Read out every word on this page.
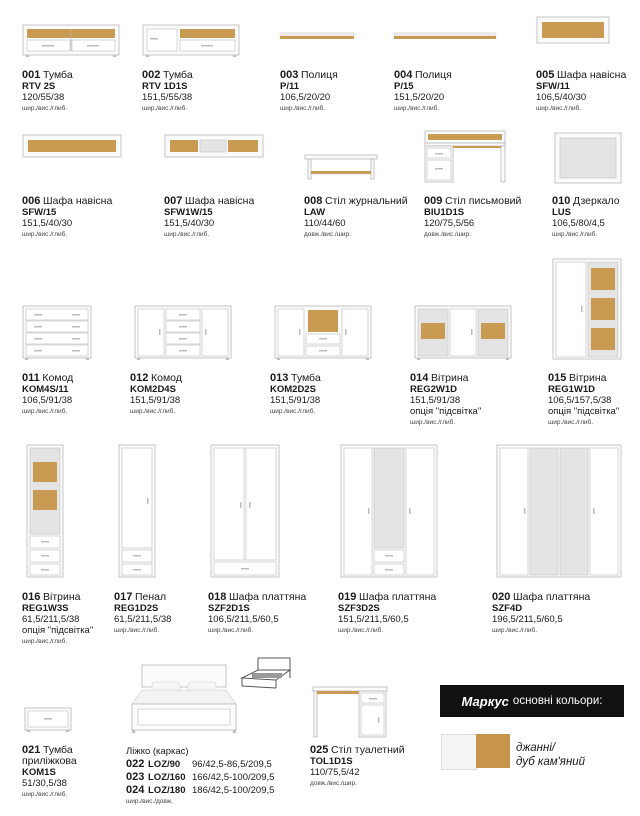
001 Тумба
RTV 2S
120/55/38
шир./вис./глиб.
002 Тумба
RTV 1D1S
151,5/55/38
шир./вис./глиб.
003 Полиця
P/11
106,5/20/20
шир./вис./глиб.
004 Полиця
P/15
151,5/20/20
шир./вис./глиб.
005 Шафа навісна
SFW/11
106,5/40/30
шир./вис./глиб.
006 Шафа навісна
SFW/15
151,5/40/30
шир./вис./глиб.
007 Шафа навісна
SFW1W/15
151,5/40/30
шир./вис./глиб.
008 Стіл журнальний
LAW
110/44/60
довж./вис./шир.
009 Стіл письмовий
BIU1D1S
120/75,5/56
довж./вис./шир.
010 Дзеркало
LUS
106,5/80/4,5
шир./вис./глиб.
011 Комод
KOM4S/11
106,5/91/38
шир./вис./глиб.
012 Комод
KOM2D4S
151,5/91/38
шир./вис./глиб.
013 Тумба
KOM2D2S
151,5/91/38
шир./вис./глиб.
014 Вітрина
REG2W1D
151,5/91/38
опція "підсвітка"
шир./вис./глиб.
015 Вітрина
REG1W1D
106,5/157,5/38
опція "підсвітка"
шир./вис./глиб.
016 Вітрина
REG1W3S
61,5/211,5/38
опція "підсвітка"
шир./вис./глиб.
017 Пенал
REG1D2S
61,5/211,5/38
шир./вис./глиб.
018 Шафа платтяна
SZF2D1S
106,5/211,5/60,5
шир./вис./глиб.
019 Шафа платтяна
SZF3D2S
151,5/211,5/60,5
шир./вис./глиб.
020 Шафа платтяна
SZF4D
196,5/211,5/60,5
шир./вис./глиб.
021 Тумба приліжкова
KOM1S
51/30,5/38
шир./вис./глиб.
Ліжко (каркас)
022 LOZ/90	96/42,5-86,5/209,5
023 LOZ/160 166/42,5-100/209,5
024 LOZ/180 186/42,5-100/209,5
шир./вис./довж.
025 Стіл туалетний
TOL1D1S
110/75,5/42
довж./вис./шир.
Маркус основні кольори:
джанні/
дуб кам'яний
